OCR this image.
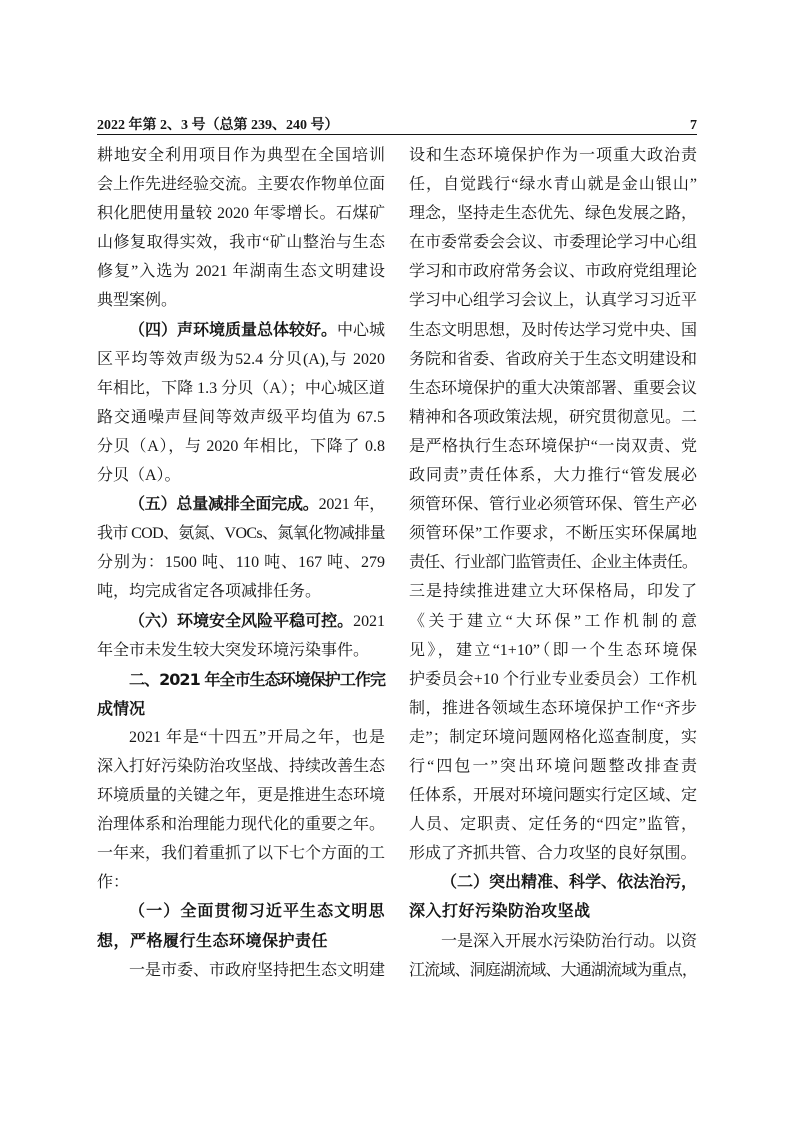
2022 年第 2、3 号（总第 239、240 号）	7
耕地安全利用项目作为典型在全国培训
会上作先进经验交流。主要农作物单位面
积化肥使用量较 2020 年零增长。石煤矿
山修复取得实效，我市“矿山整治与生态
修复”入选为 2021 年湖南生态文明建设
典型案例。
（四）声环境质量总体较好。中心城
区平均等效声级为52.4 分贝(A),与 2020
年相比，下降 1.3 分贝（A）；中心城区道
路交通噪声昼间等效声级平均值为 67.5
分贝（A），与 2020 年相比，下降了 0.8
分贝（A）。
（五）总量减排全面完成。2021 年，
我市 COD、氨氮、VOCs、氮氧化物减排量
分别为：1500 吨、110 吨、167 吨、279
吨，均完成省定各项减排任务。
（六）环境安全风险平稳可控。2021
年全市未发生较大突发环境污染事件。
二、2021 年全市生态环境保护工作完
成情况
2021 年是“十四五”开局之年，也是
深入打好污染防治攻坚战、持续改善生态
环境质量的关键之年，更是推进生态环境
治理体系和治理能力现代化的重要之年。
一年来，我们着重抓了以下七个方面的工
作：
（一）全面贯彻习近平生态文明思
想，严格履行生态环境保护责任
一是市委、市政府坚持把生态文明建
设和生态环境保护作为一项重大政治责
任，自觉践行“绿水青山就是金山银山”
理念，坚持走生态优先、绿色发展之路，
在市委常委会会议、市委理论学习中心组
学习和市政府常务会议、市政府党组理论
学习中心组学习会议上，认真学习习近平
生态文明思想，及时传达学习党中央、国
务院和省委、省政府关于生态文明建设和
生态环境保护的重大决策部署、重要会议
精神和各项政策法规，研究贯彻意见。二
是严格执行生态环境保护“一岗双责、党
政同责”责任体系，大力推行“管发展必
须管环保、管行业必须管环保、管生产必
须管环保”工作要求，不断压实环保属地
责任、行业部门监管责任、企业主体责任。
三是持续推进建立大环保格局，印发了
《关于建立“大环保”工作机制的意
见》，建立“1+10”（即一个生态环境保
护委员会+10 个行业专业委员会）工作机
制，推进各领域生态环境保护工作“齐步
走”；制定环境问题网格化巡查制度，实
行“四包一”突出环境问题整改排查责
任体系，开展对环境问题实行定区域、定
人员、定职责、定任务的“四定”监管，
形成了齐抓共管、合力攻坚的良好氛围。
（二）突出精准、科学、依法治污，
深入打好污染防治攻坚战
一是深入开展水污染防治行动。以资
江流域、洞庭湖流域、大通湖流域为重点，
